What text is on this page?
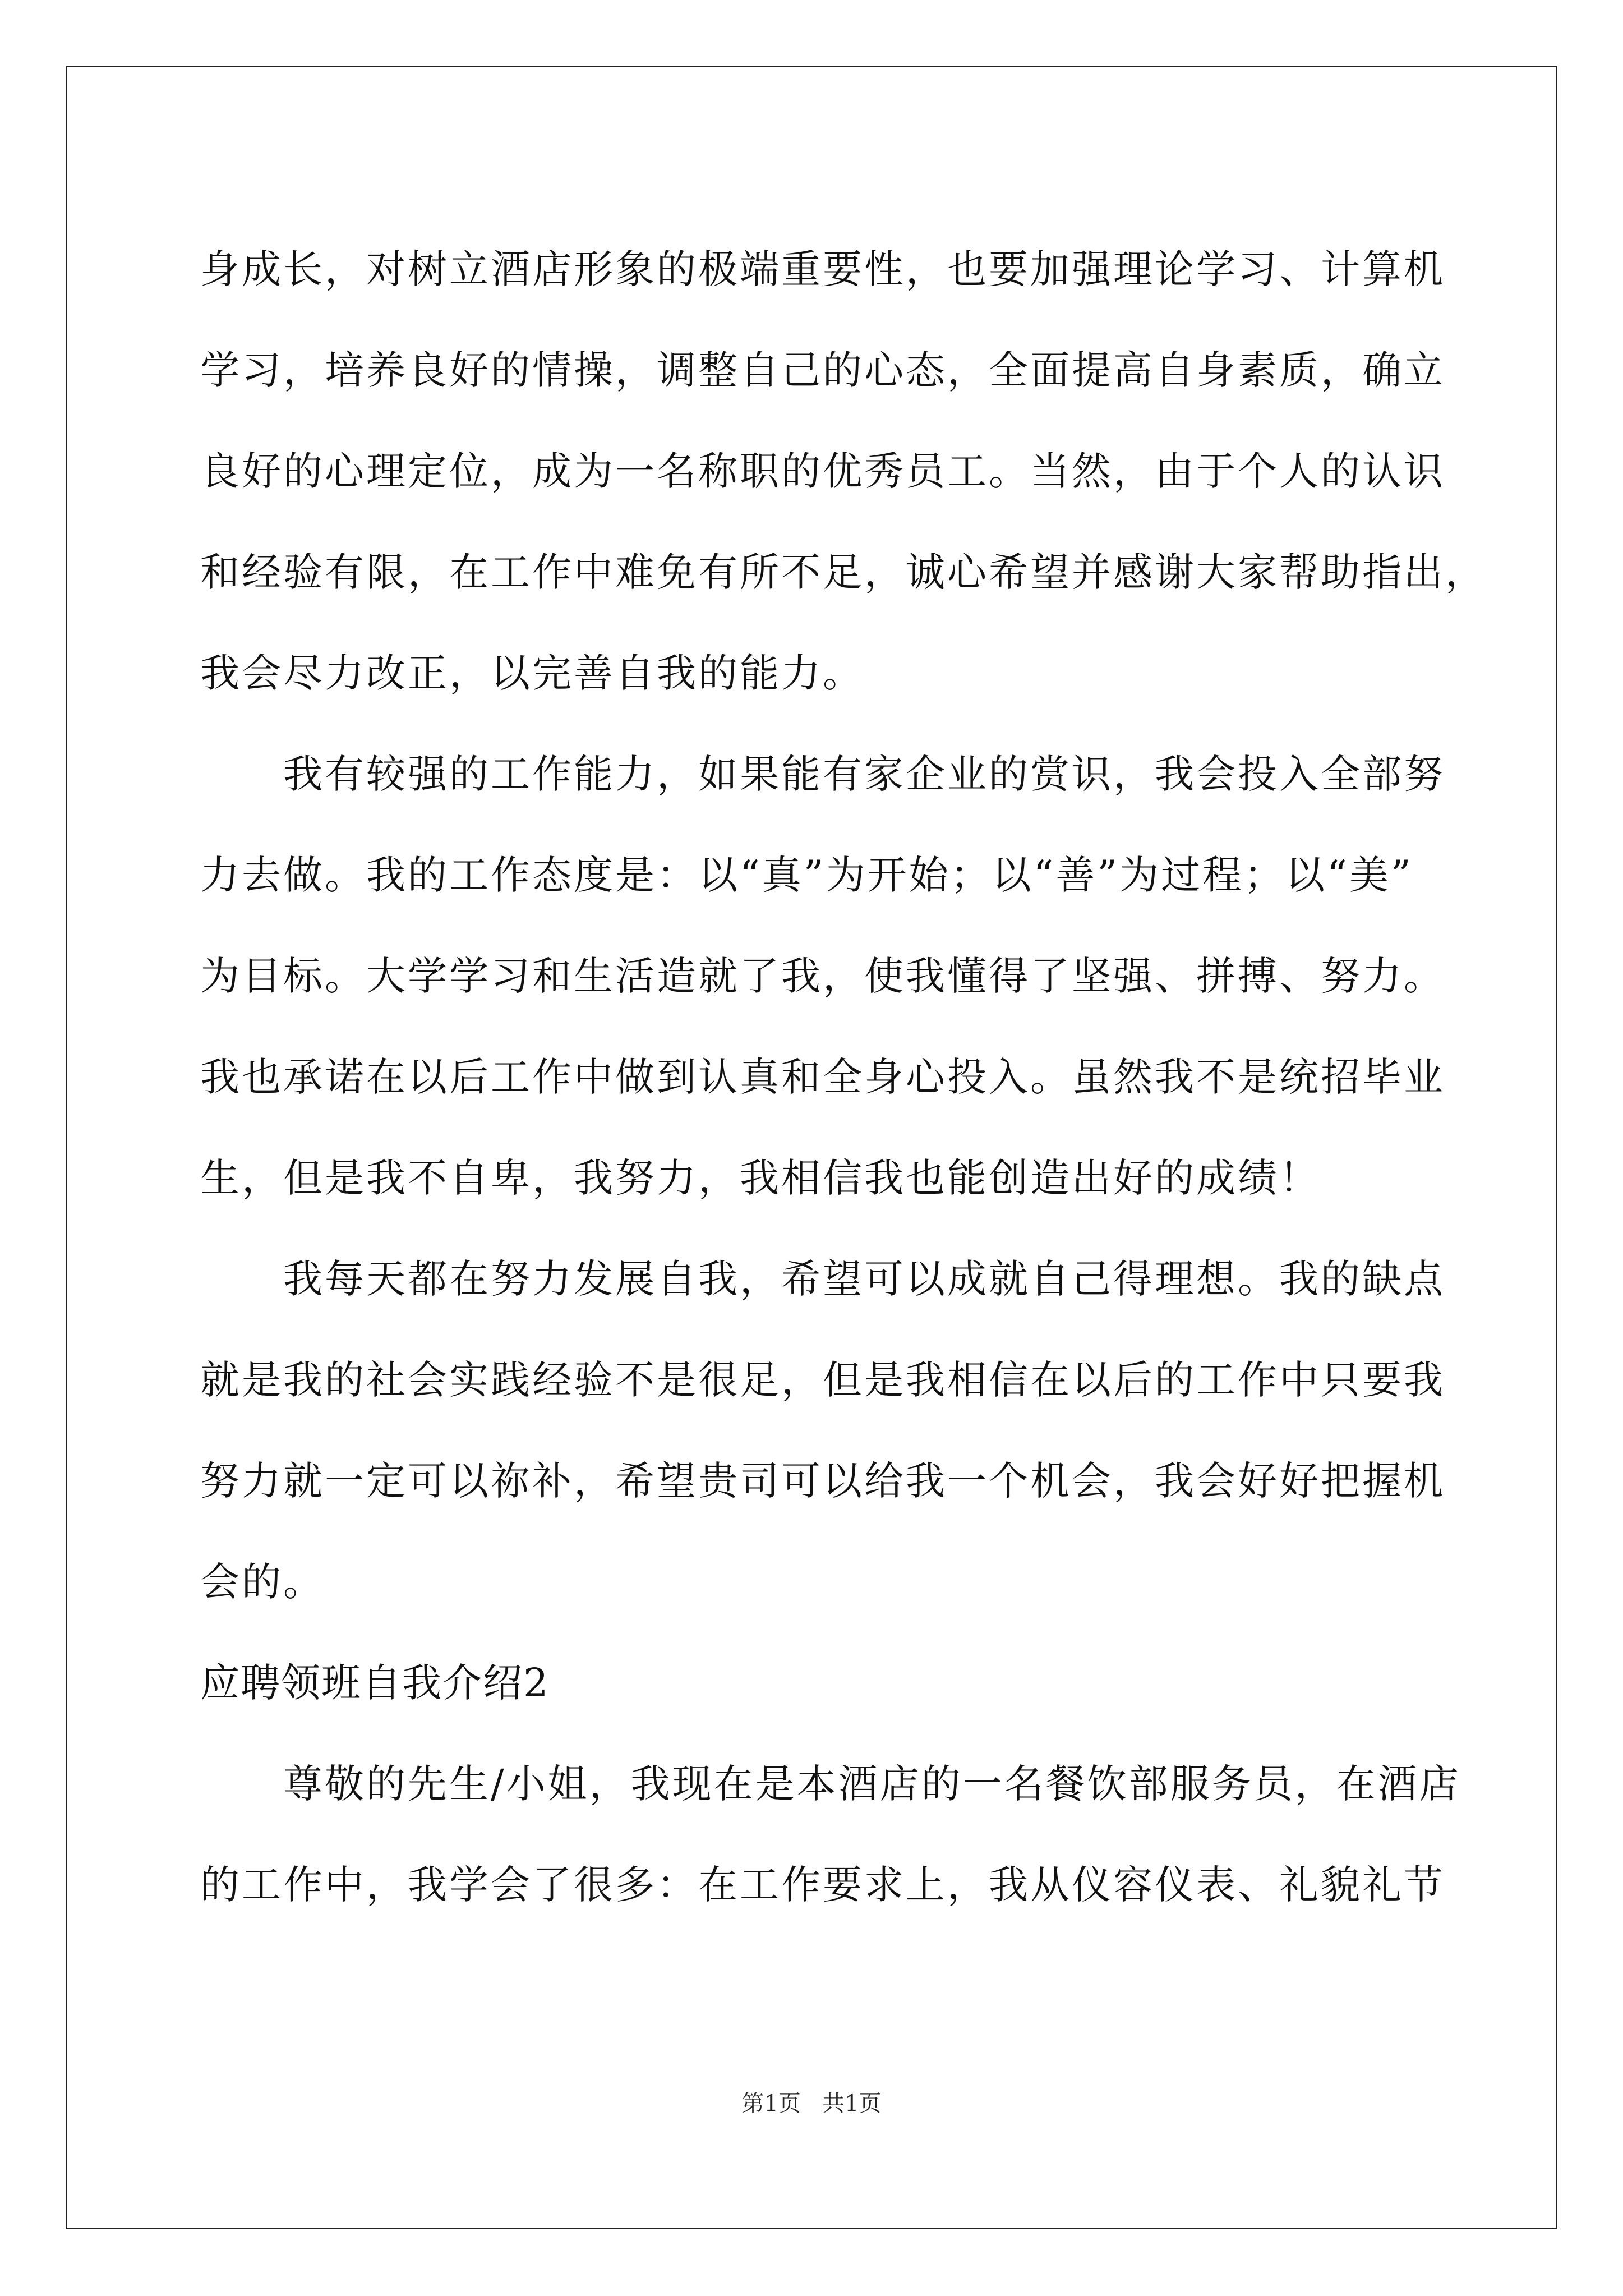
身成长，对树立酒店形象的极端重要性，也要加强理论学习、计算机
学习，培养良好的情操，调整自己的心态，全面提高自身素质，确立
良好的心理定位，成为一名称职的优秀员工。当然，由于个人的认识
和经验有限，在工作中难免有所不足，诚心希望并感谢大家帮助指出，
我会尽力改正，以完善自我的能力。
我有较强的工作能力，如果能有家企业的赏识，我会投入全部努
力去做。我的工作态度是：以“真”为开始；以“善”为过程；以“美”
为目标。大学学习和生活造就了我，使我懂得了坚强、拼搏、努力。
我也承诺在以后工作中做到认真和全身心投入。虽然我不是统招毕业
生，但是我不自卑，我努力，我相信我也能创造出好的成绩！
我每天都在努力发展自我，希望可以成就自己得理想。我的缺点
就是我的社会实践经验不是很足，但是我相信在以后的工作中只要我
努力就一定可以祢补，希望贵司可以给我一个机会，我会好好把握机
会的。
应聘领班自我介绍2
尊敬的先生/小姐，我现在是本酒店的一名餐饮部服务员，在酒店
的工作中，我学会了很多：在工作要求上，我从仪容仪表、礼貌礼节
第1页   共1页
